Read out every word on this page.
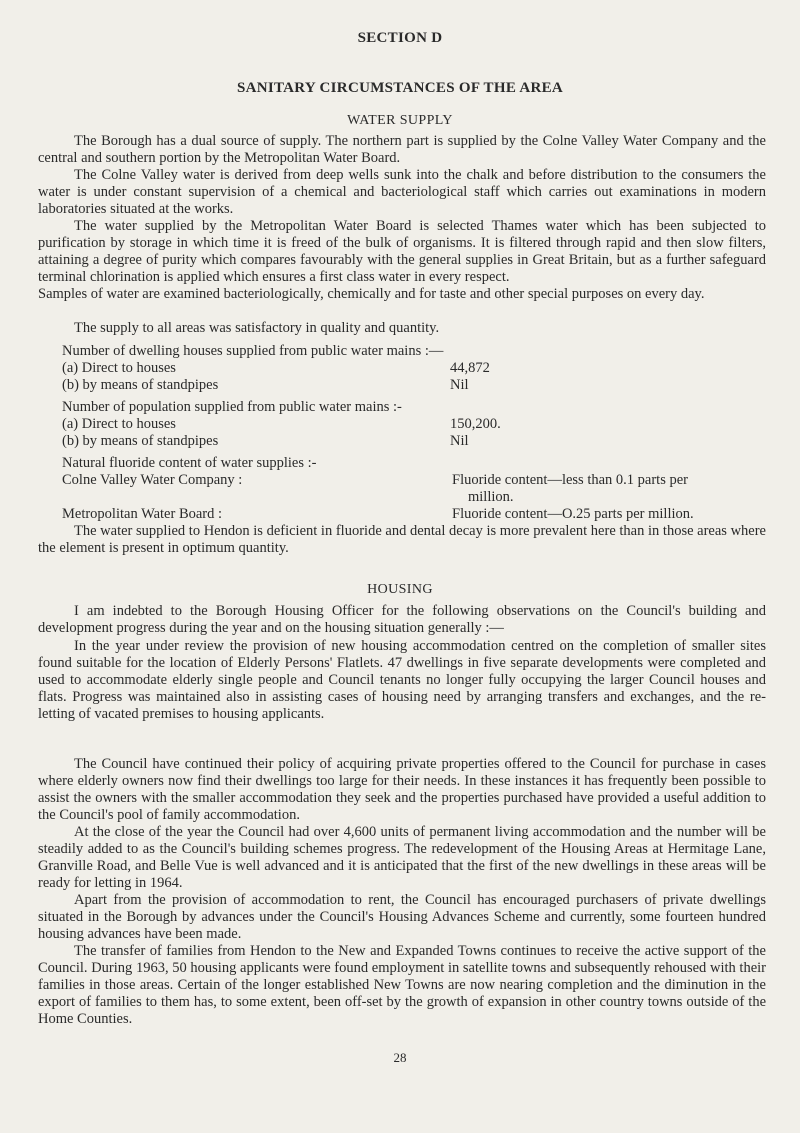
SECTION D
SANITARY CIRCUMSTANCES OF THE AREA
WATER SUPPLY
The Borough has a dual source of supply. The northern part is supplied by the Colne Valley Water Company and the central and southern portion by the Metropolitan Water Board.
The Colne Valley water is derived from deep wells sunk into the chalk and before distribution to the consumers the water is under constant supervision of a chemical and bacteriological staff which carries out examinations in modern laboratories situated at the works.
The water supplied by the Metropolitan Water Board is selected Thames water which has been subjected to purification by storage in which time it is freed of the bulk of organisms. It is filtered through rapid and then slow filters, attaining a degree of purity which compares favourably with the general supplies in Great Britain, but as a further safeguard terminal chlorination is applied which ensures a first class water in every respect.
Samples of water are examined bacteriologically, chemically and for taste and other special purposes on every day.
The supply to all areas was satisfactory in quality and quantity.
Number of dwelling houses supplied from public water mains :—
(a) Direct to houses	44,872
(b) by means of standpipes	Nil
Number of population supplied from public water mains :-
(a) Direct to houses	150,200.
(b) by means of standpipes	Nil
Natural fluoride content of water supplies :-
Colne Valley Water Company :	Fluoride content—less than 0.1 parts per
million.
Metropolitan Water Board :	Fluoride content—O.25 parts per million.
The water supplied to Hendon is deficient in fluoride and dental decay is more prevalent here than in those areas where the element is present in optimum quantity.
HOUSING
I am indebted to the Borough Housing Officer for the following observations on the Council's building and development progress during the year and on the housing situation generally :—
In the year under review the provision of new housing accommodation centred on the completion of smaller sites found suitable for the location of Elderly Persons' Flatlets. 47 dwellings in five separate developments were completed and used to accommodate elderly single people and Council tenants no longer fully occupying the larger Council houses and flats. Progress was maintained also in assisting cases of housing need by arranging transfers and exchanges, and the re-letting of vacated premises to housing applicants.
The Council have continued their policy of acquiring private properties offered to the Council for purchase in cases where elderly owners now find their dwellings too large for their needs. In these instances it has frequently been possible to assist the owners with the smaller accommodation they seek and the properties purchased have provided a useful addition to the Council's pool of family accommodation.
At the close of the year the Council had over 4,600 units of permanent living accommodation and the number will be steadily added to as the Council's building schemes progress. The redevelopment of the Housing Areas at Hermitage Lane, Granville Road, and Belle Vue is well advanced and it is anticipated that the first of the new dwellings in these areas will be ready for letting in 1964.
Apart from the provision of accommodation to rent, the Council has encouraged purchasers of private dwellings situated in the Borough by advances under the Council's Housing Advances Scheme and currently, some fourteen hundred housing advances have been made.
The transfer of families from Hendon to the New and Expanded Towns continues to receive the active support of the Council. During 1963, 50 housing applicants were found employment in satellite towns and subsequently rehoused with their families in those areas. Certain of the longer established New Towns are now nearing completion and the diminution in the export of families to them has, to some extent, been off-set by the growth of expansion in other country towns outside of the Home Counties.
28
